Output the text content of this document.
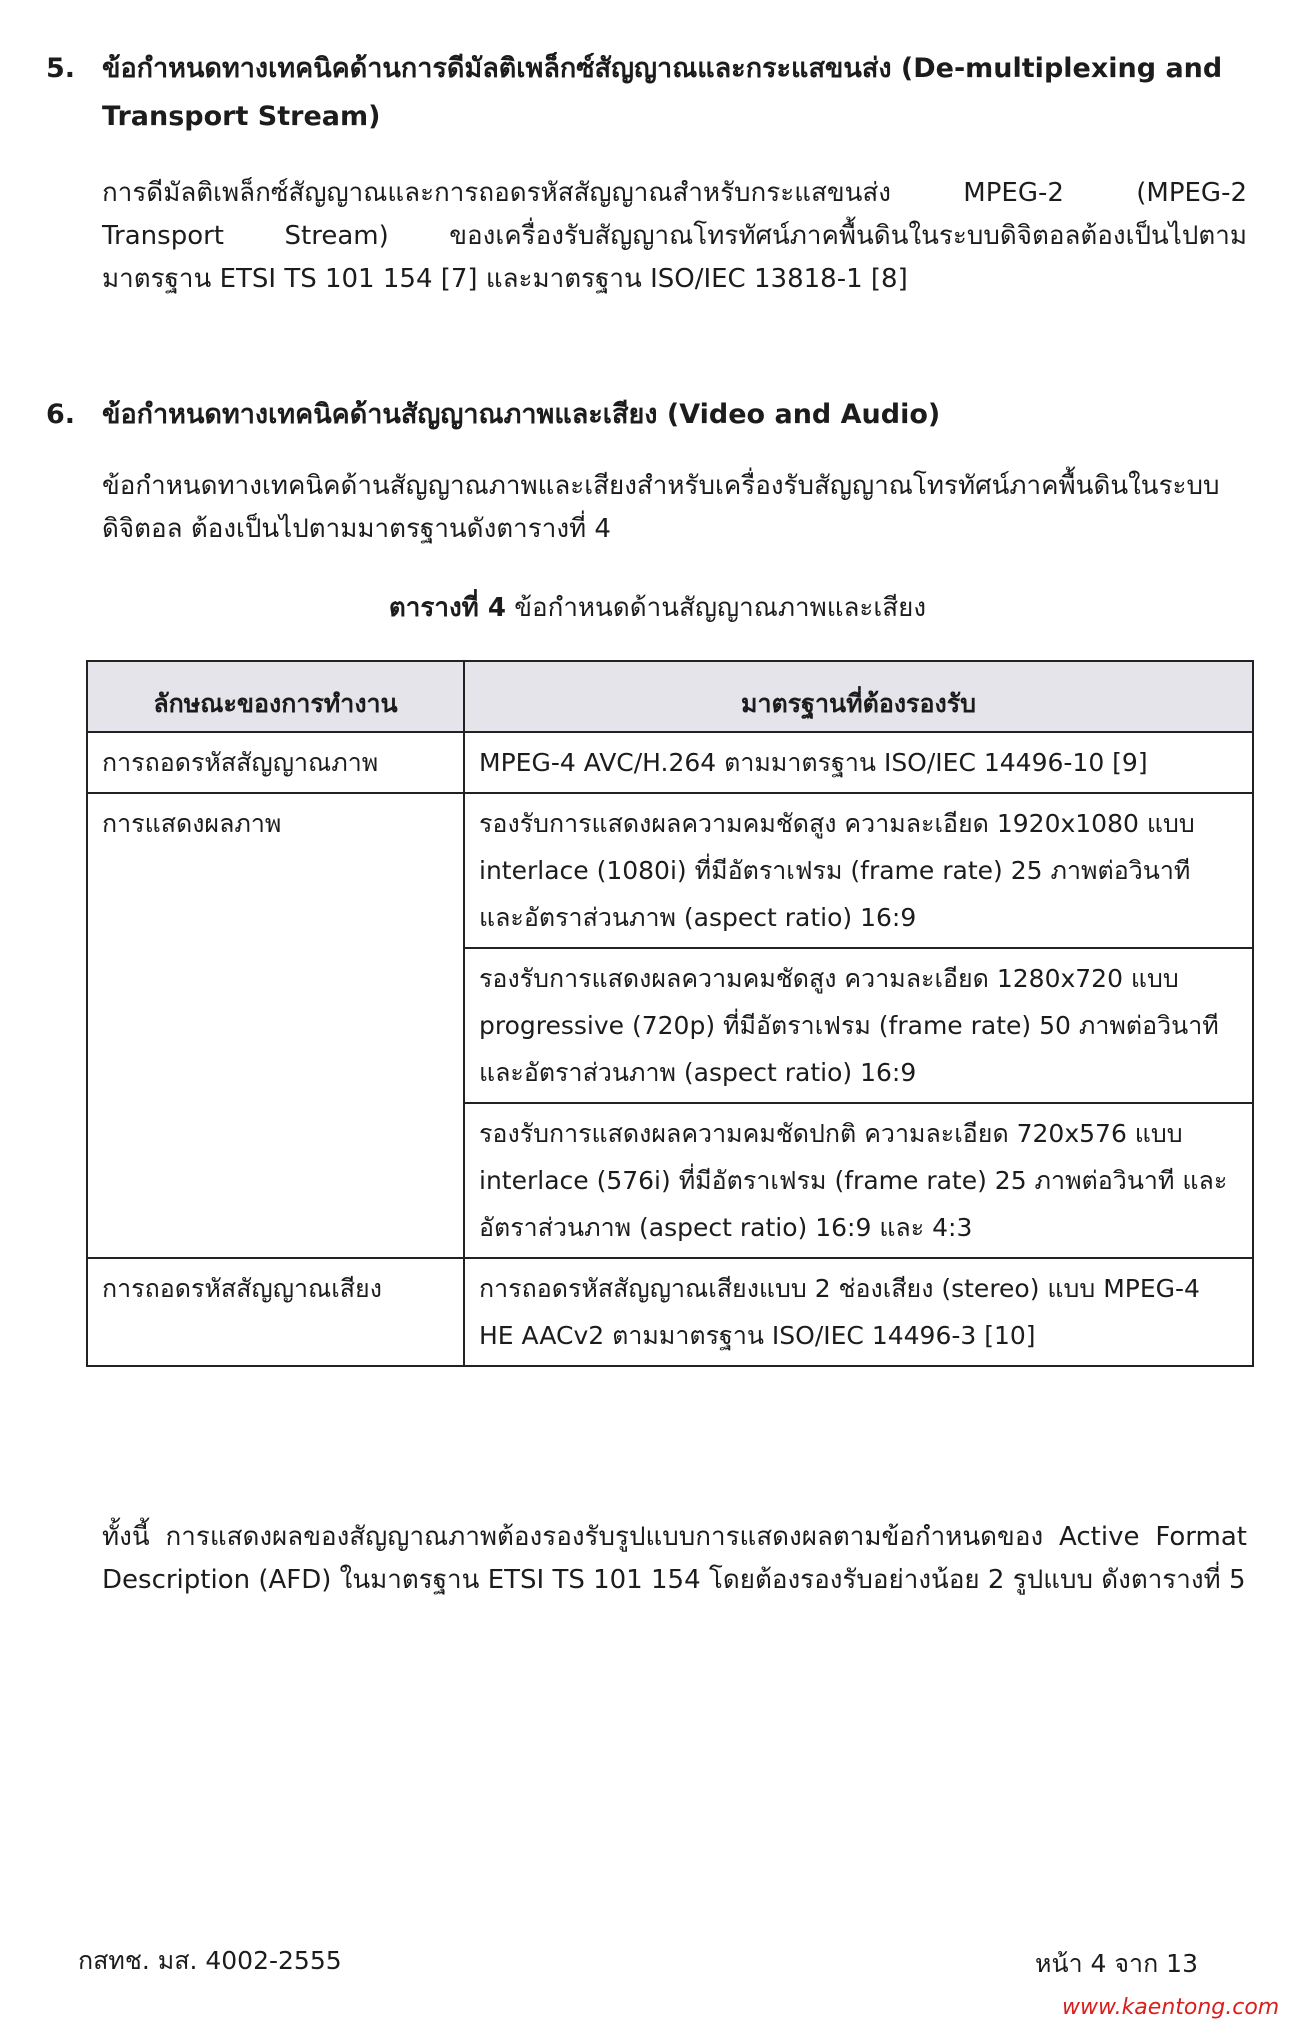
5. ข้อกำหนดทางเทคนิคด้านการดีมัลติเพล็กซ์สัญญาณและกระแสขนส่ง (De-multiplexing and Transport Stream)
การดีมัลติเพล็กซ์สัญญาณและการถอดรหัสสัญญาณสำหรับกระแสขนส่ง MPEG-2 (MPEG-2 Transport Stream) ของเครื่องรับสัญญาณโทรทัศน์ภาคพื้นดินในระบบดิจิตอลต้องเป็นไปตามมาตรฐาน ETSI TS 101 154 [7] และมาตรฐาน ISO/IEC 13818-1 [8]
6. ข้อกำหนดทางเทคนิคด้านสัญญาณภาพและเสียง (Video and Audio)
ข้อกำหนดทางเทคนิคด้านสัญญาณภาพและเสียงสำหรับเครื่องรับสัญญาณโทรทัศน์ภาคพื้นดินในระบบดิจิตอล ต้องเป็นไปตามมาตรฐานดังตารางที่ 4
ตารางที่ 4 ข้อกำหนดด้านสัญญาณภาพและเสียง
ลักษณะของการทำงาน	มาตรฐานที่ต้องรองรับ
การถอดรหัสสัญญาณภาพ	MPEG-4 AVC/H.264 ตามมาตรฐาน ISO/IEC 14496-10 [9]
การแสดงผลภาพ	รองรับการแสดงผลความคมชัดสูง ความละเอียด 1920x1080 แบบ interlace (1080i) ที่มีอัตราเฟรม (frame rate) 25 ภาพต่อวินาที และอัตราส่วนภาพ (aspect ratio) 16:9
	รองรับการแสดงผลความคมชัดสูง ความละเอียด 1280x720 แบบ progressive (720p) ที่มีอัตราเฟรม (frame rate) 50 ภาพต่อวินาที และอัตราส่วนภาพ (aspect ratio) 16:9
	รองรับการแสดงผลความคมชัดปกติ ความละเอียด 720x576 แบบ interlace (576i) ที่มีอัตราเฟรม (frame rate) 25 ภาพต่อวินาที และอัตราส่วนภาพ (aspect ratio) 16:9 และ 4:3
การถอดรหัสสัญญาณเสียง	การถอดรหัสสัญญาณเสียงแบบ 2 ช่องเสียง (stereo) แบบ MPEG-4 HE AACv2 ตามมาตรฐาน ISO/IEC 14496-3 [10]
ทั้งนี้ การแสดงผลของสัญญาณภาพต้องรองรับรูปแบบการแสดงผลตามข้อกำหนดของ Active Format Description (AFD) ในมาตรฐาน ETSI TS 101 154 โดยต้องรองรับอย่างน้อย 2 รูปแบบ ดังตารางที่ 5
กสทช. มส. 4002-2555	หน้า 4 จาก 13
www.kaentong.com
